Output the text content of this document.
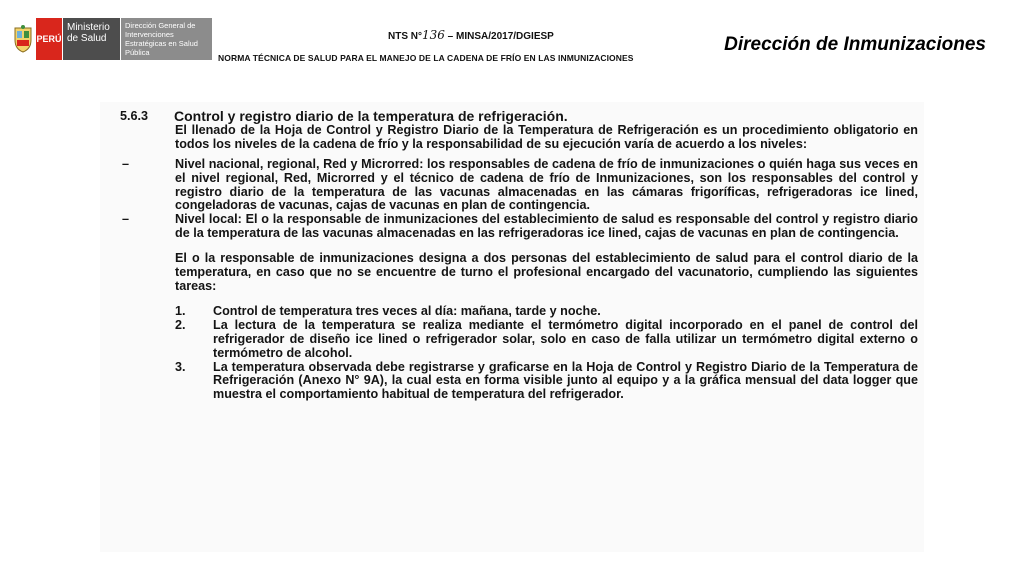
PERÚ
Ministerio de Salud
Dirección General de Intervenciones Estratégicas en Salud Pública
NTS N°136 – MINSA/2017/DGIESP
NORMA TÉCNICA DE SALUD PARA EL MANEJO DE LA CADENA DE FRÍO EN LAS INMUNIZACIONES
Dirección de Inmunizaciones
5.6.3	Control y registro diario de la temperatura de refrigeración.

El llenado de la Hoja de Control y Registro Diario de la Temperatura de Refrigeración es un procedimiento obligatorio en todos los niveles de la cadena de frío y la responsabilidad de su ejecución varía de acuerdo a los niveles:

–	Nivel nacional, regional, Red y Microrred: los responsables de cadena de frío de inmunizaciones o quién haga sus veces en el nivel regional, Red, Microrred y el técnico de cadena de frío de Inmunizaciones, son los responsables del control y registro diario de la temperatura de las vacunas almacenadas en las cámaras frigoríficas, refrigeradoras ice lined, congeladoras de vacunas, cajas de vacunas en plan de contingencia.
–	Nivel local: El o la responsable de inmunizaciones del establecimiento de salud es responsable del control y registro diario de la temperatura de las vacunas almacenadas en las refrigeradoras ice lined, cajas de vacunas en plan de contingencia.

El o la responsable de inmunizaciones designa a dos personas del establecimiento de salud para el control diario de la temperatura, en caso que no se encuentre de turno el profesional encargado del vacunatorio, cumpliendo las siguientes tareas:

1.	Control de temperatura tres veces al día: mañana, tarde y noche.
2.	La lectura de la temperatura se realiza mediante el termómetro digital incorporado en el panel de control del refrigerador de diseño ice lined o refrigerador solar, solo en caso de falla utilizar un termómetro digital externo o termómetro de alcohol.
3.	La temperatura observada debe registrarse y graficarse en la Hoja de Control y Registro Diario de la Temperatura de Refrigeración (Anexo N° 9A), la cual esta en forma visible junto al equipo y a la gráfica mensual del data logger que muestra el comportamiento habitual de temperatura del refrigerador.
